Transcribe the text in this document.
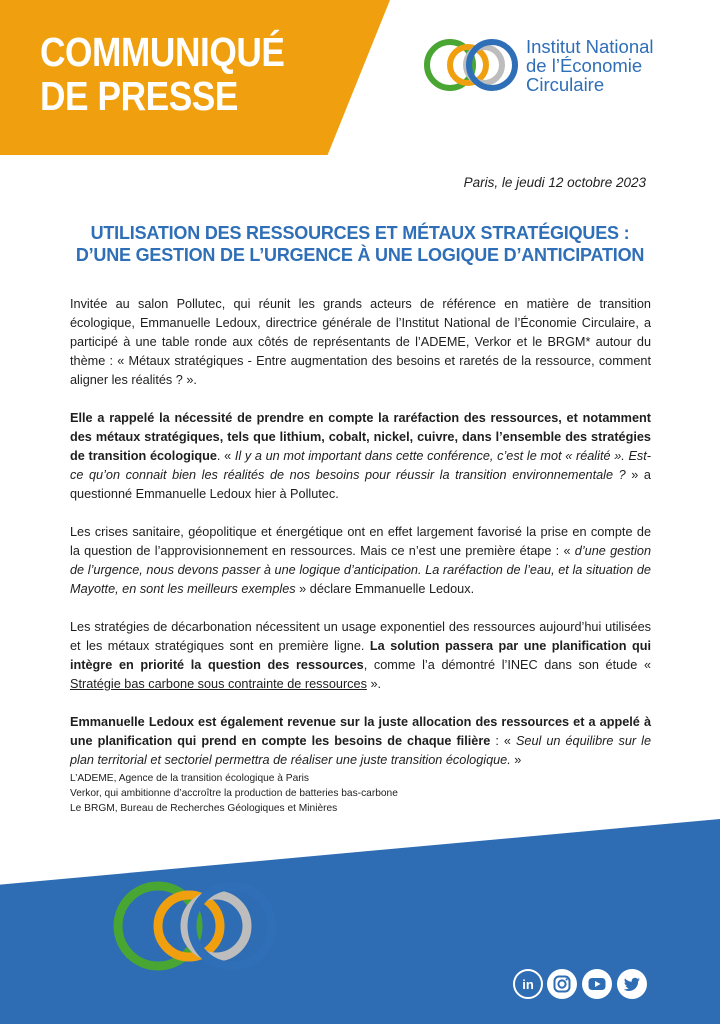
COMMUNIQUÉ
DE PRESSE
Institut National
de l’Économie
Circulaire
Paris, le jeudi 12 octobre 2023
UTILISATION DES RESSOURCES ET MÉTAUX STRATÉGIQUES :
D’UNE GESTION DE L’URGENCE À UNE LOGIQUE D’ANTICIPATION

Invitée au salon Pollutec, qui réunit les grands acteurs de référence en matière de transition écologique, Emmanuelle Ledoux, directrice générale de l’Institut National de l’Économie Circulaire, a participé à une table ronde aux côtés de représentants de l’ADEME, Verkor et le BRGM* autour du thème : « Métaux stratégiques - Entre augmentation des besoins et raretés de la ressource, comment aligner les réalités ? ».

Elle a rappelé la nécessité de prendre en compte la raréfaction des ressources, et notamment des métaux stratégiques, tels que lithium, cobalt, nickel, cuivre, dans l’ensemble des stratégies de transition écologique. « Il y a un mot important dans cette conférence, c’est le mot « réalité ». Est-ce qu’on connait bien les réalités de nos besoins pour réussir la transition environnementale ? » a questionné Emmanuelle Ledoux hier à Pollutec.

Les crises sanitaire, géopolitique et énergétique ont en effet largement favorisé la prise en compte de la question de l’approvisionnement en ressources. Mais ce n’est une première étape : « d’une gestion de l’urgence, nous devons passer à une logique d’anticipation. La raréfaction de l’eau, et la situation de Mayotte, en sont les meilleurs exemples » déclare Emmanuelle Ledoux.

Les stratégies de décarbonation nécessitent un usage exponentiel des ressources aujourd’hui utilisées et les métaux stratégiques sont en première ligne. La solution passera par une planification qui intègre en priorité la question des ressources, comme l’a démontré l’INEC dans son étude « Stratégie bas carbone sous contrainte de ressources ».

Emmanuelle Ledoux est également revenue sur la juste allocation des ressources et a appelé à une planification qui prend en compte les besoins de chaque filière : « Seul un équilibre sur le plan territorial et sectoriel permettra de réaliser une juste transition écologique. »

L’ADEME, Agence de la transition écologique à Paris
Verkor, qui ambitionne d’accroître la production de batteries bas-carbone
Le BRGM, Bureau de Recherches Géologiques et Minières
in
